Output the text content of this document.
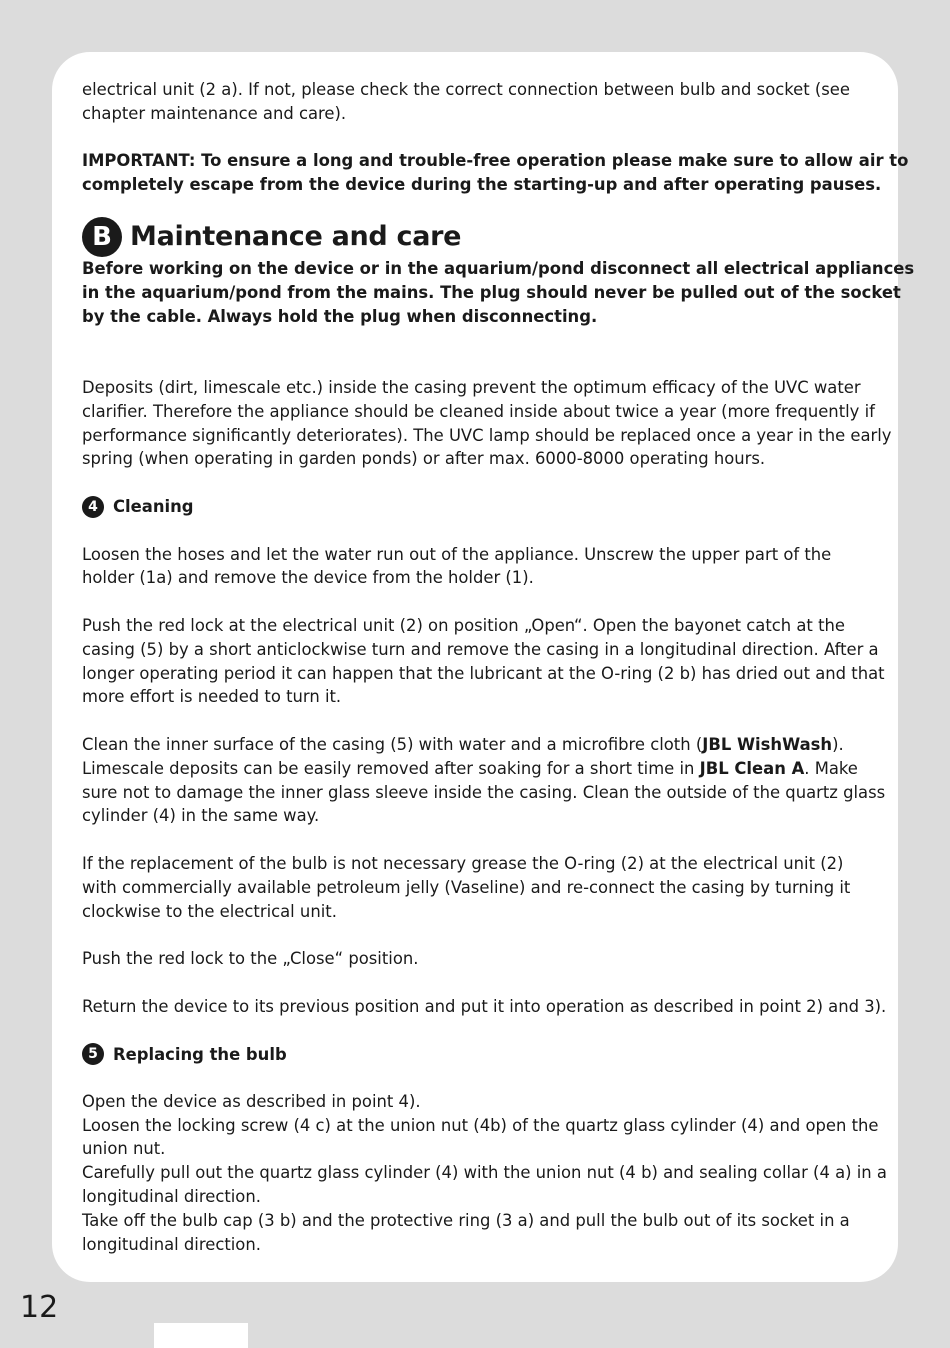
electrical unit (2 a). If not, please check the correct connection between bulb and socket (see

chapter maintenance and care).

IMPORTANT: To ensure a long and trouble-free operation please make sure to allow air to

completely escape from the device during the starting-up and after operating pauses.

B Maintenance and care

Before working on the device or in the aquarium/pond disconnect all electrical appliances

in the aquarium/pond from the mains. The plug should never be pulled out of the socket

by the cable. Always hold the plug when disconnecting.

Deposits (dirt, limescale etc.) inside the casing prevent the optimum efficacy of the UVC water

clarifier. Therefore the appliance should be cleaned inside about twice a year (more frequently if

performance significantly deteriorates). The UVC lamp should be replaced once a year in the early

spring (when operating in garden ponds) or after max. 6000-8000 operating hours.

4 Cleaning

Loosen the hoses and let the water run out of the appliance. Unscrew the upper part of the

holder (1a) and remove the device from the holder (1).

Push the red lock at the electrical unit (2) on position „Open“. Open the bayonet catch at the

casing (5) by a short anticlockwise turn and remove the casing in a longitudinal direction. After a

longer operating period it can happen that the lubricant at the O-ring (2 b) has dried out and that

more effort is needed to turn it.

Clean the inner surface of the casing (5) with water and a microfibre cloth (JBL WishWash).

Limescale deposits can be easily removed after soaking for a short time in JBL Clean A. Make

sure not to damage the inner glass sleeve inside the casing. Clean the outside of the quartz glass

cylinder (4) in the same way.

If the replacement of the bulb is not necessary grease the O-ring (2) at the electrical unit (2)

with commercially available petroleum jelly (Vaseline) and re-connect the casing by turning it

clockwise to the electrical unit.

Push the red lock to the „Close“ position.

Return the device to its previous position and put it into operation as described in point 2) and 3).

5 Replacing the bulb

Open the device as described in point 4).

Loosen the locking screw (4 c) at the union nut (4b) of the quartz glass cylinder (4) and open the

union nut.

Carefully pull out the quartz glass cylinder (4) with the union nut (4 b) and sealing collar (4 a) in a

longitudinal direction.

Take off the bulb cap (3 b) and the protective ring (3 a) and pull the bulb out of its socket in a

longitudinal direction.

12
